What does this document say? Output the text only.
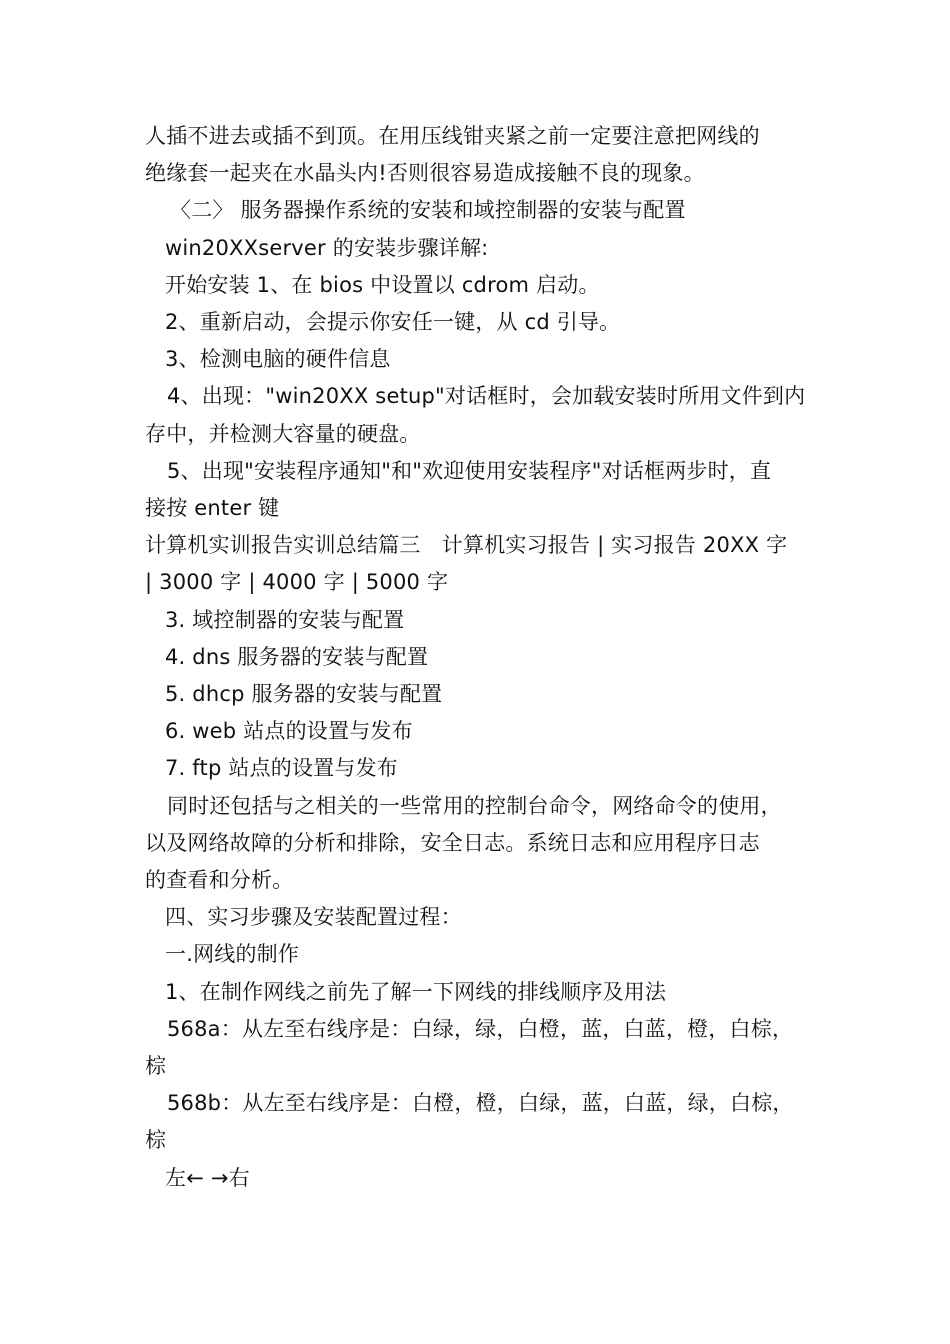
人插不进去或插不到顶。在用压线钳夹紧之前一定要注意把网线的
绝缘套一起夹在水晶头内!否则很容易造成接触不良的现象。
〈二〉 服务器操作系统的安装和域控制器的安装与配置
win20XXserver 的安装步骤详解:
开始安装 1、在 bios 中设置以 cdrom 启动。
2、重新启动，会提示你安任一键，从 cd 引导。
3、检测电脑的硬件信息
4、出现："win20XX setup"对话框时，会加载安装时所用文件到内
存中，并检测大容量的硬盘。
5、出现"安装程序通知"和"欢迎使用安装程序"对话框两步时，直
接按 enter 键
计算机实训报告实训总结篇三　计算机实习报告 | 实习报告 20XX 字
| 3000 字 | 4000 字 | 5000 字
3. 域控制器的安装与配置
4. dns 服务器的安装与配置
5. dhcp 服务器的安装与配置
6. web 站点的设置与发布
7. ftp 站点的设置与发布
同时还包括与之相关的一些常用的控制台命令，网络命令的使用，
以及网络故障的分析和排除，安全日志。系统日志和应用程序日志
的查看和分析。
四、实习步骤及安装配置过程：
一.网线的制作
1、在制作网线之前先了解一下网线的排线顺序及用法
568a：从左至右线序是：白绿，绿，白橙，蓝，白蓝，橙，白棕，
棕
568b：从左至右线序是：白橙，橙，白绿，蓝，白蓝，绿，白棕，
棕
左← →右
